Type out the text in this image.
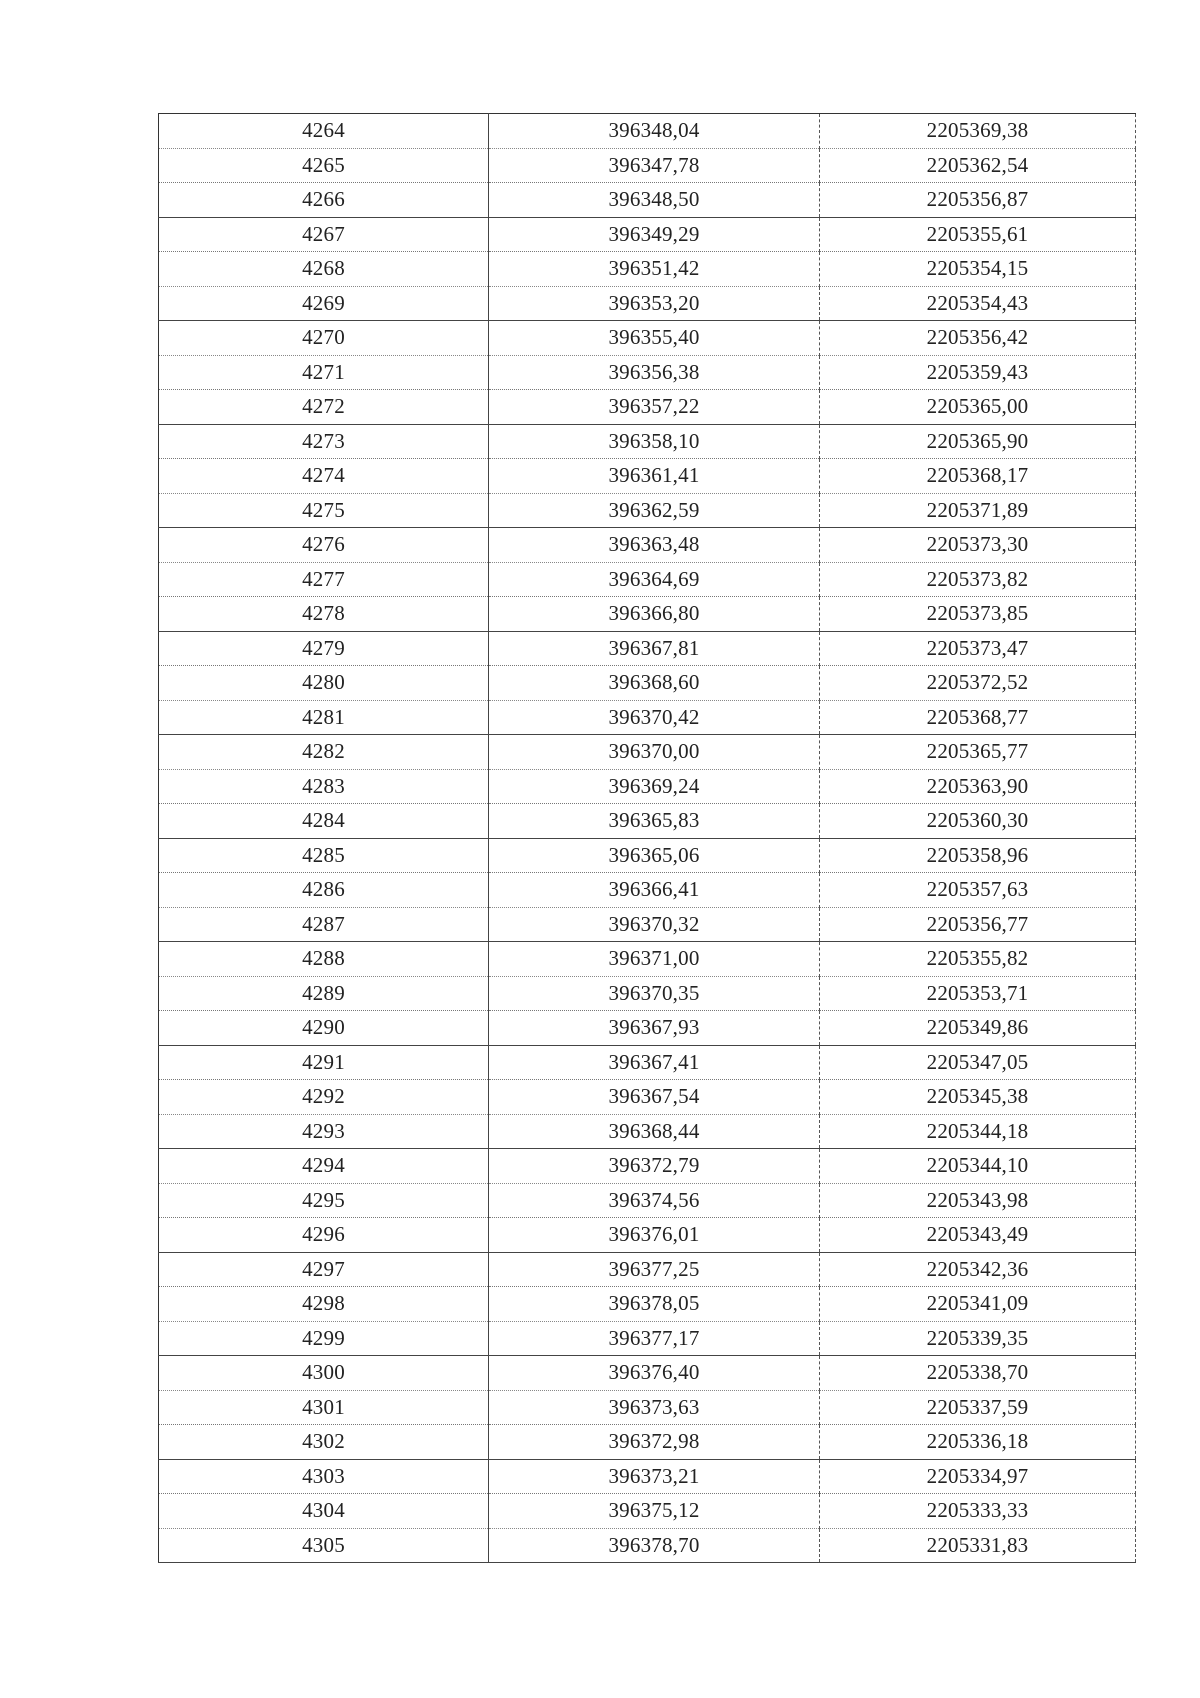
4264	396348,04	2205369,38
4265	396347,78	2205362,54
4266	396348,50	2205356,87
4267	396349,29	2205355,61
4268	396351,42	2205354,15
4269	396353,20	2205354,43
4270	396355,40	2205356,42
4271	396356,38	2205359,43
4272	396357,22	2205365,00
4273	396358,10	2205365,90
4274	396361,41	2205368,17
4275	396362,59	2205371,89
4276	396363,48	2205373,30
4277	396364,69	2205373,82
4278	396366,80	2205373,85
4279	396367,81	2205373,47
4280	396368,60	2205372,52
4281	396370,42	2205368,77
4282	396370,00	2205365,77
4283	396369,24	2205363,90
4284	396365,83	2205360,30
4285	396365,06	2205358,96
4286	396366,41	2205357,63
4287	396370,32	2205356,77
4288	396371,00	2205355,82
4289	396370,35	2205353,71
4290	396367,93	2205349,86
4291	396367,41	2205347,05
4292	396367,54	2205345,38
4293	396368,44	2205344,18
4294	396372,79	2205344,10
4295	396374,56	2205343,98
4296	396376,01	2205343,49
4297	396377,25	2205342,36
4298	396378,05	2205341,09
4299	396377,17	2205339,35
4300	396376,40	2205338,70
4301	396373,63	2205337,59
4302	396372,98	2205336,18
4303	396373,21	2205334,97
4304	396375,12	2205333,33
4305	396378,70	2205331,83
